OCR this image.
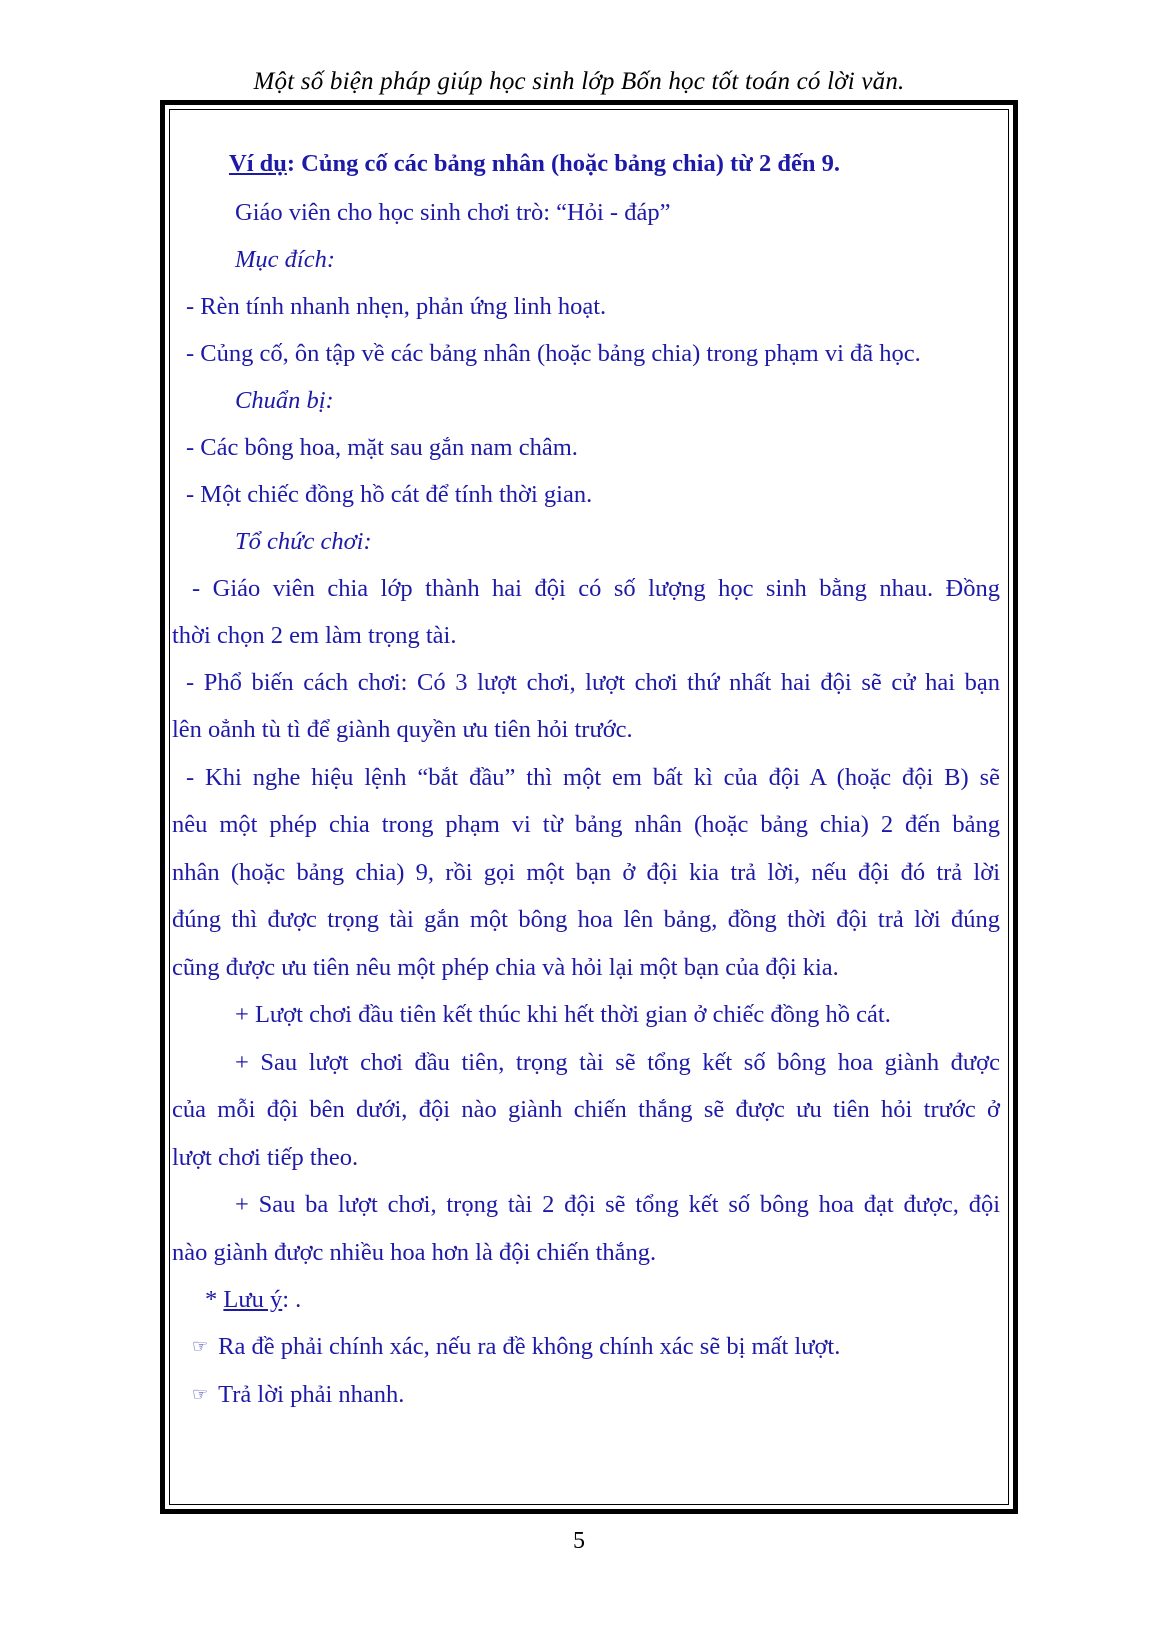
Một số biện pháp giúp học sinh lớp Bốn học tốt toán có lời văn.
Ví dụ: Củng cố các bảng nhân (hoặc bảng chia) từ 2 đến 9.
Giáo viên cho học sinh chơi trò: “Hỏi - đáp”
Mục đích:
- Rèn tính nhanh nhẹn, phản ứng linh hoạt.
- Củng cố, ôn tập về các bảng nhân (hoặc bảng chia) trong phạm vi đã học.
Chuẩn bị:
- Các bông hoa, mặt sau gắn nam châm.
- Một chiếc đồng hồ cát để tính thời gian.
Tổ chức chơi:
- Giáo viên chia lớp thành hai đội có số lượng học sinh bằng nhau. Đồng
thời chọn 2 em làm trọng tài.
- Phổ biến cách chơi: Có 3 lượt chơi, lượt chơi thứ nhất hai đội sẽ cử hai bạn
lên oẳnh tù tì để giành quyền ưu tiên hỏi trước.
- Khi nghe hiệu lệnh “bắt đầu” thì một em bất kì của đội A (hoặc đội B) sẽ
nêu một phép chia trong phạm vi từ bảng nhân (hoặc bảng chia) 2 đến bảng
nhân (hoặc bảng chia) 9, rồi gọi một bạn ở đội kia trả lời, nếu đội đó trả lời
đúng thì được trọng tài gắn một bông hoa lên bảng, đồng thời đội trả lời đúng
cũng được ưu tiên nêu một phép chia và hỏi lại một bạn của đội kia.
+ Lượt chơi đầu tiên kết thúc khi hết thời gian ở chiếc đồng hồ cát.
+ Sau lượt chơi đầu tiên, trọng tài sẽ tổng kết số bông hoa giành được
của mỗi đội bên dưới, đội nào giành chiến thắng sẽ được ưu tiên hỏi trước ở
lượt chơi tiếp theo.
+ Sau ba lượt chơi, trọng tài 2 đội sẽ tổng kết số bông hoa đạt được, đội
nào giành được nhiều hoa hơn là đội chiến thắng.
* Lưu ý: .
☞ Ra đề phải chính xác, nếu ra đề không chính xác sẽ bị mất lượt.
☞ Trả lời phải nhanh.
5
